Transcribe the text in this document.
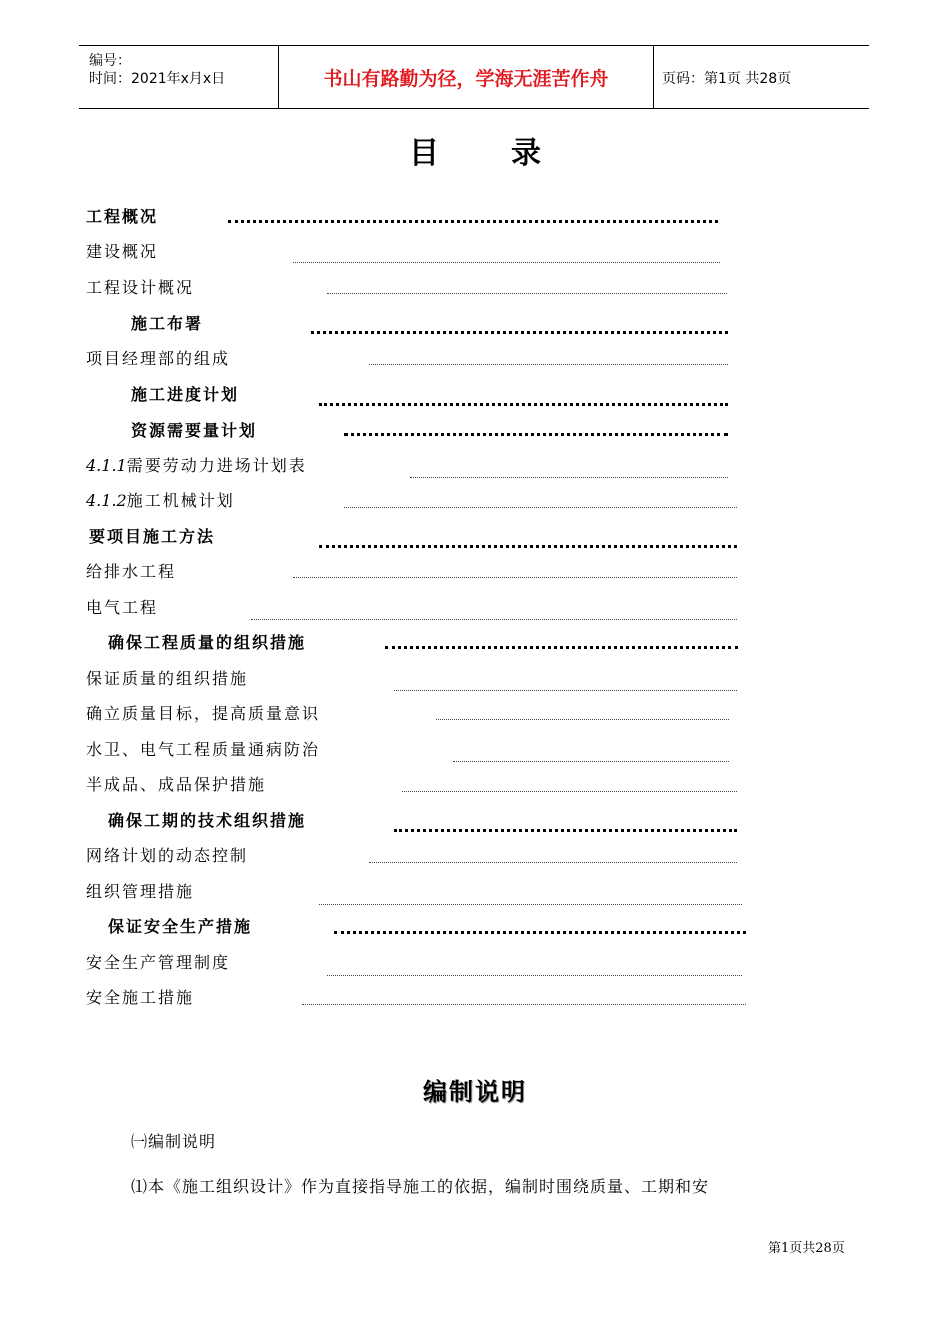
编号：
时间：2021年x月x日	书山有路勤为径，学海无涯苦作舟	页码：第1页 共28页
目录
工程概况
建设概况
工程设计概况
施工布署
项目经理部的组成
施工进度计划
资源需要量计划
4.1.1需要劳动力进场计划表
4.1.2施工机械计划
要项目施工方法
给排水工程
电气工程
确保工程质量的组织措施
保证质量的组织措施
确立质量目标，提高质量意识
水卫、电气工程质量通病防治
半成品、成品保护措施
确保工期的技术组织措施
网络计划的动态控制
组织管理措施
保证安全生产措施
安全生产管理制度
安全施工措施
编制说明
㈠编制说明
⑴本《施工组织设计》作为直接指导施工的依据，编制时围绕质量、工期和安
第1页共28页
